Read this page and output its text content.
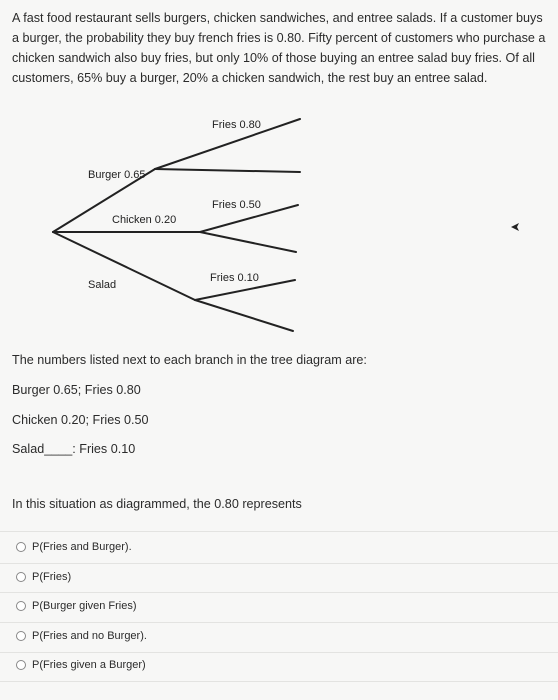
A fast food restaurant sells burgers, chicken sandwiches, and entree salads. If a customer buys a burger, the probability they buy french fries is 0.80. Fifty percent of customers who purchase a chicken sandwich also buy fries, but only 10% of those buying an entree salad buy fries. Of all customers, 65% buy a burger, 20% a chicken sandwich, the rest buy an entree salad.

Burger 0.65
Chicken 0.20
Salad
Fries 0.80
Fries 0.50
Fries 0.10

The numbers listed next to each branch in the tree diagram are:

Burger 0.65; Fries 0.80

Chicken 0.20; Fries 0.50

Salad____: Fries 0.10

In this situation as diagrammed, the 0.80 represents

P(Fries and Burger).
P(Fries)
P(Burger given Fries)
P(Fries and no Burger).
P(Fries given a Burger)
